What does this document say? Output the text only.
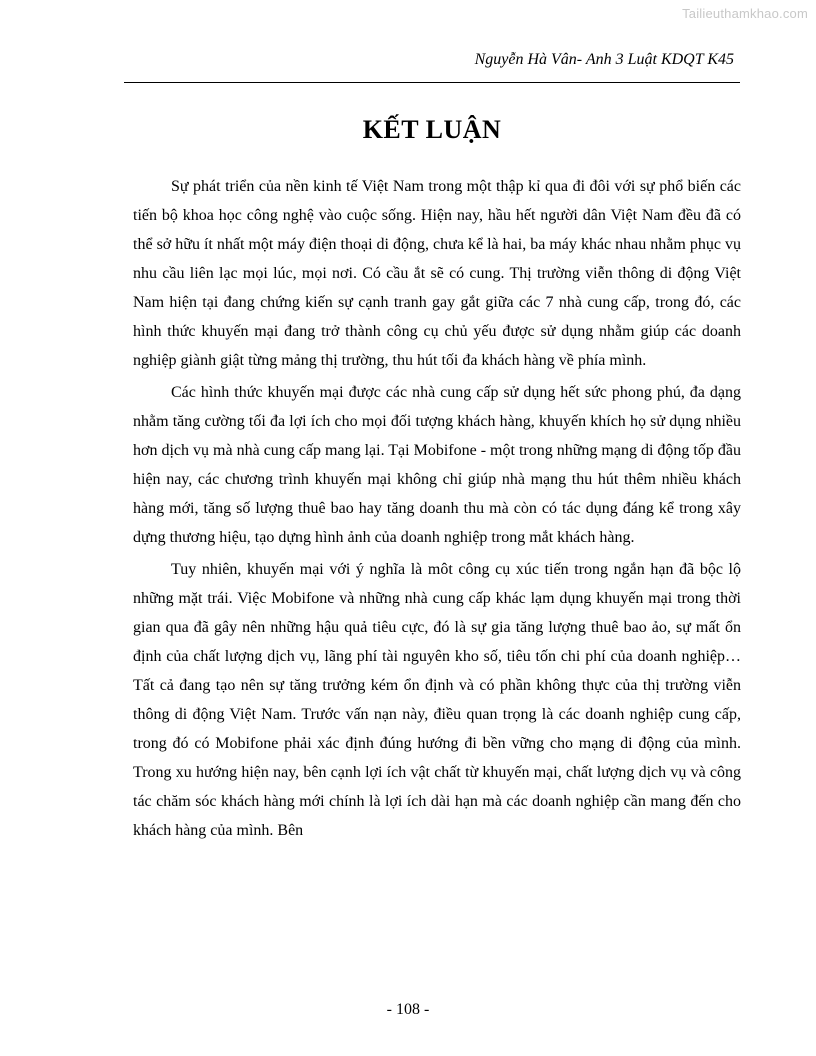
Tailieuthamkhao.com
Nguyễn Hà Vân- Anh 3 Luật KDQT K45
KẾT LUẬN

Sự phát triển của nền kinh tế Việt Nam trong một thập kỉ qua đi đôi với sự phổ biến các tiến bộ khoa học công nghệ vào cuộc sống. Hiện nay, hầu hết người dân Việt Nam đều đã có thể sở hữu ít nhất một máy điện thoại di động, chưa kể là hai, ba máy khác nhau nhằm phục vụ nhu cầu liên lạc mọi lúc, mọi nơi. Có cầu ắt sẽ có cung. Thị trường viễn thông di động Việt Nam hiện tại đang chứng kiến sự cạnh tranh gay gắt giữa các 7 nhà cung cấp, trong đó, các hình thức khuyến mại đang trở thành công cụ chủ yếu được sử dụng nhằm giúp các doanh nghiệp giành giật từng mảng thị trường, thu hút tối đa khách hàng về phía mình.

Các hình thức khuyến mại được các nhà cung cấp sử dụng hết sức phong phú, đa dạng nhằm tăng cường tối đa lợi ích cho mọi đối tượng khách hàng, khuyến khích họ sử dụng nhiều hơn dịch vụ mà nhà cung cấp mang lại. Tại Mobifone - một trong những mạng di động tốp đầu hiện nay, các chương trình khuyến mại không chỉ giúp nhà mạng thu hút thêm nhiều khách hàng mới, tăng số lượng thuê bao hay tăng doanh thu mà còn có tác dụng đáng kể trong xây dựng thương hiệu, tạo dựng hình ảnh của doanh nghiệp trong mắt khách hàng.

Tuy nhiên, khuyến mại với ý nghĩa là môt công cụ xúc tiến trong ngắn hạn đã bộc lộ những mặt trái. Việc Mobifone và những nhà cung cấp khác lạm dụng khuyến mại trong thời gian qua đã gây nên những hậu quả tiêu cực, đó là sự gia tăng lượng thuê bao ảo, sự mất ổn định của chất lượng dịch vụ, lãng phí tài nguyên kho số, tiêu tốn chi phí của doanh nghiệp… Tất cả đang tạo nên sự tăng trưởng kém ổn định và có phần không thực của thị trường viễn thông di động Việt Nam. Trước vấn nạn này, điều quan trọng là các doanh nghiệp cung cấp, trong đó có Mobifone phải xác định đúng hướng đi bền vững cho mạng di động của mình. Trong xu hướng hiện nay, bên cạnh lợi ích vật chất từ khuyến mại, chất lượng dịch vụ và công tác chăm sóc khách hàng mới chính là lợi ích dài hạn mà các doanh nghiệp cần mang đến cho khách hàng của mình. Bên

- 108 -
